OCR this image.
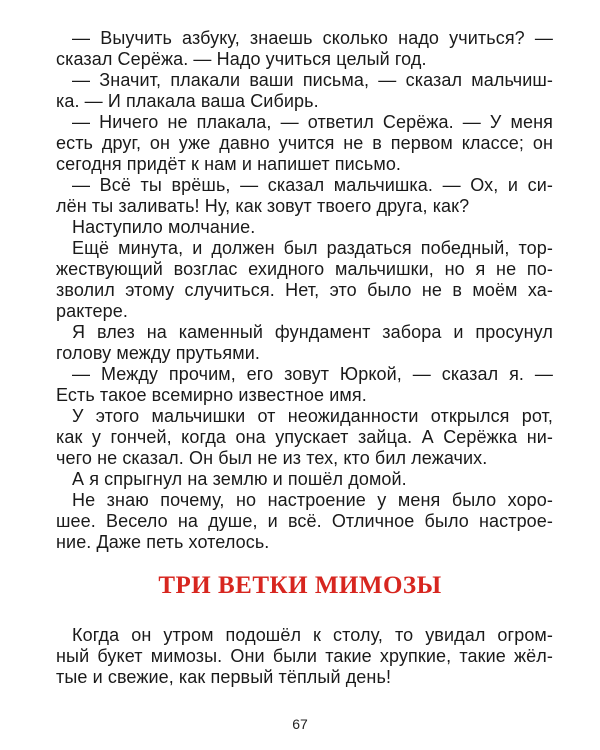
— Выучить азбуку, знаешь сколько надо учиться? —
сказал Серёжа. — Надо учиться целый год.
— Значит, плакали ваши письма, — сказал мальчиш-
ка. — И плакала ваша Сибирь.
— Ничего не плакала, — ответил Серёжа. — У меня
есть друг, он уже давно учится не в первом классе; он
сегодня придёт к нам и напишет письмо.
— Всё ты врёшь, — сказал мальчишка. — Ох, и си-
лён ты заливать! Ну, как зовут твоего друга, как?
Наступило молчание.
Ещё минута, и должен был раздаться победный, тор-
жествующий возглас ехидного мальчишки, но я не по-
зволил этому случиться. Нет, это было не в моём ха-
рактере.
Я влез на каменный фундамент забора и просунул
голову между прутьями.
— Между прочим, его зовут Юркой, — сказал я. —
Есть такое всемирно известное имя.
У этого мальчишки от неожиданности открылся рот,
как у гончей, когда она упускает зайца. А Серёжка ни-
чего не сказал. Он был не из тех, кто бил лежачих.
А я спрыгнул на землю и пошёл домой.
Не знаю почему, но настроение у меня было хоро-
шее. Весело на душе, и всё. Отличное было настрое-
ние. Даже петь хотелось.
ТРИ ВЕТКИ МИМОЗЫ
Когда он утром подошёл к столу, то увидал огром-
ный букет мимозы. Они были такие хрупкие, такие жёл-
тые и свежие, как первый тёплый день!
67
